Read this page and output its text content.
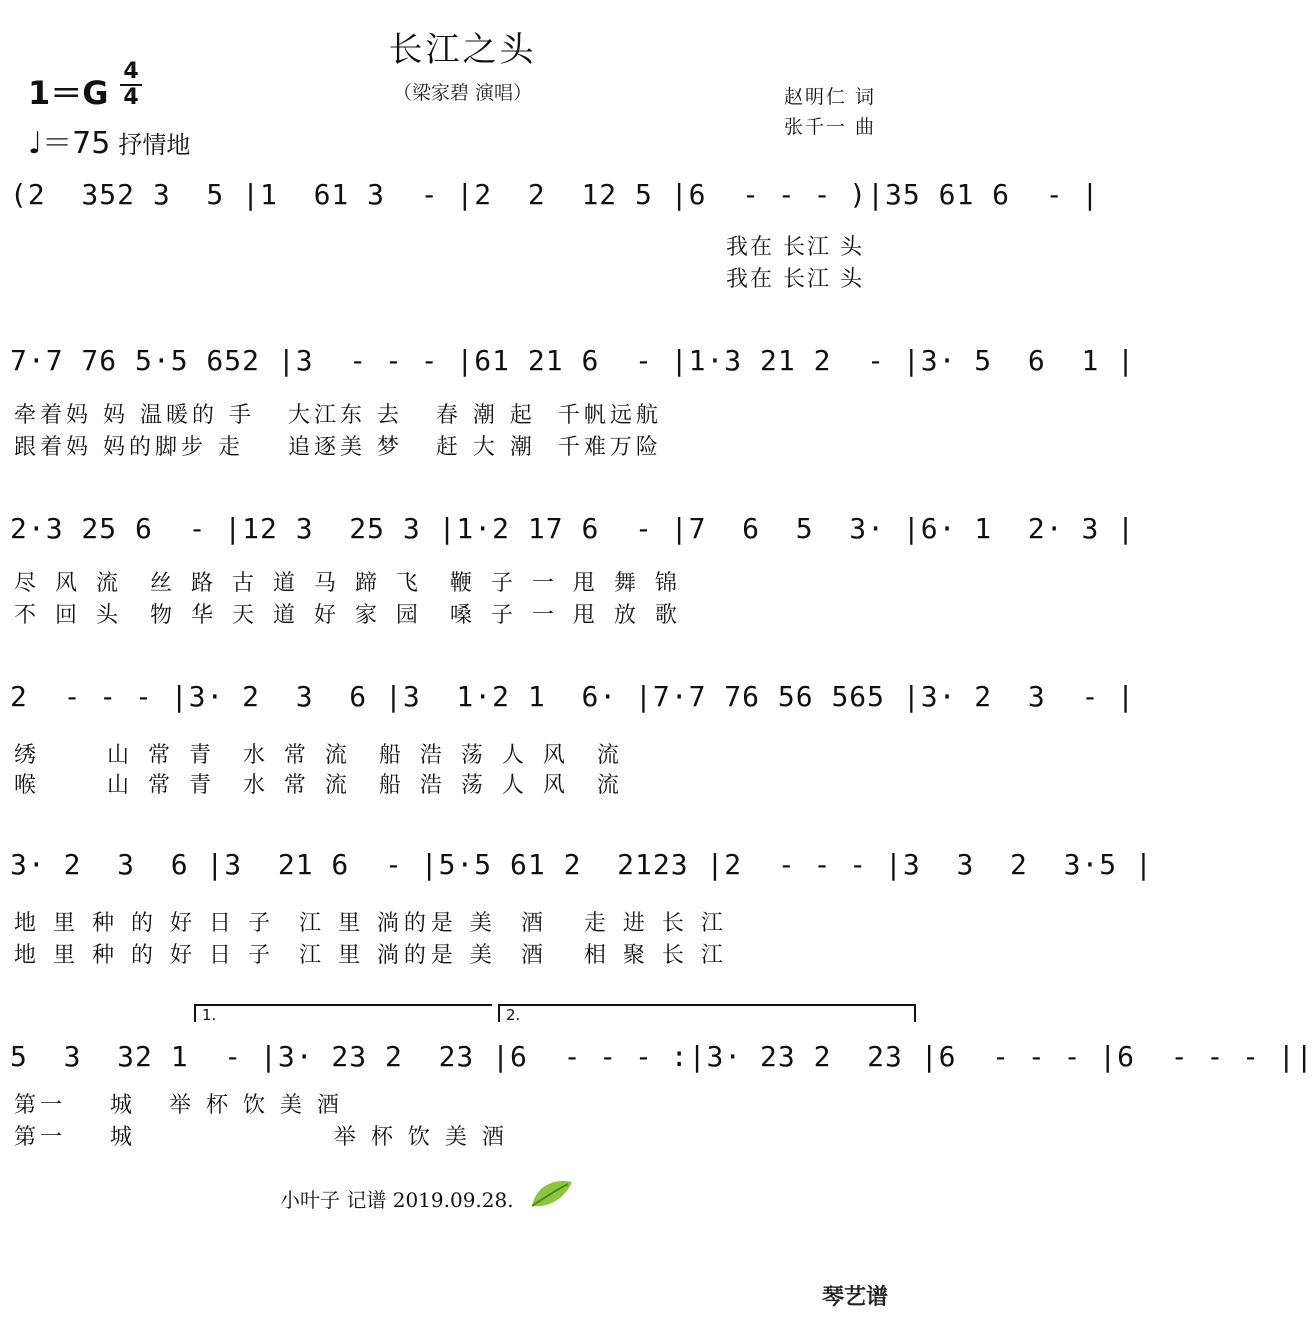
长江之头
（梁家碧 演唱）
1＝G
4
4
♩＝75 抒情地
赵明仁 词
张千一 曲
(2  352 3  5 |1  61 3  - |2  2  12 5 |6  - - - )|35 61 6  - |
我在 长江 头
我在 长江 头
7·7 76 5·5 652 |3  - - - |61 21 6  - |1·3 21 2  - |3· 5  6  1 |
牵着妈 妈 温暖的 手   大江东 去   春 潮 起  千帆远航
跟着妈 妈的脚步 走    追逐美 梦   赶 大 潮  千难万险
2·3 25 6  - |12 3  25 3 |1·2 17 6  - |7  6  5  3· |6· 1  2· 3 |
尽 风 流  丝 路 古 道 马 蹄 飞  鞭 子 一 甩 舞 锦
不 回 头  物 华 天 道 好 家 园  嗓 子 一 甩 放 歌
2  - - - |3· 2  3  6 |3  1·2 1  6· |7·7 76 56 565 |3· 2  3  - |
绣     山 常 青  水 常 流  船 浩 荡 人 风  流
喉     山 常 青  水 常 流  船 浩 荡 人 风  流
3· 2  3  6 |3  21 6  - |5·5 61 2  2123 |2  - - - |3  3  2  3·5 |
地 里 种 的 好 日 子  江 里 淌的是 美  酒   走 进 长 江
地 里 种 的 好 日 子  江 里 淌的是 美  酒   相 聚 长 江
1.	2.
5  3  32 1  - |3· 23 2  23 |6  - - - :|3· 23 2  23 |6  - - - |6  - - - ||
第一    城   举 杯 饮 美 酒
第一    城                  举 杯 饮 美 酒
小叶子 记谱 2019.09.28.
琴艺谱
